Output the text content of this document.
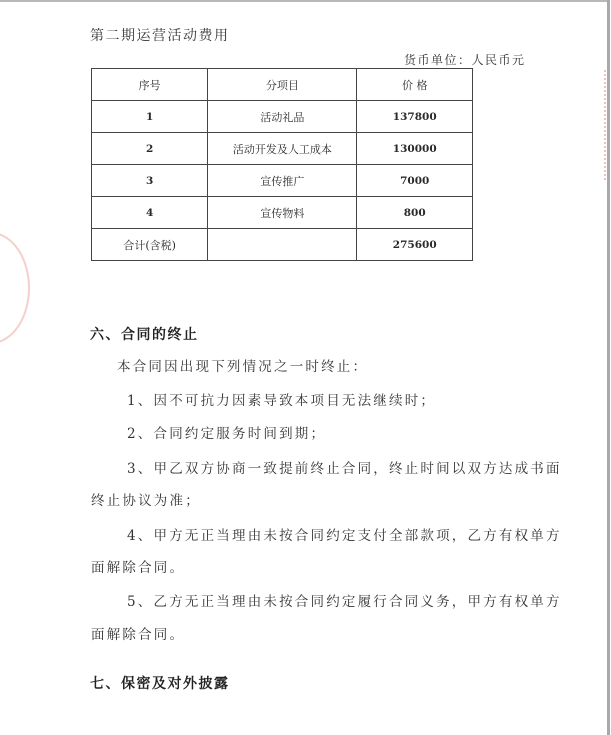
第二期运营活动费用
货币单位：人民币元
序号	分项目	价 格
1	活动礼品	137800
2	活动开发及人工成本	130000
3	宣传推广	7000
4	宣传物料	800
合计(含税)		275600
六、合同的终止
本合同因出现下列情况之一时终止：
1、因不可抗力因素导致本项目无法继续时；
2、合同约定服务时间到期；
3、甲乙双方协商一致提前终止合同，终止时间以双方达成书面
终止协议为准；
4、甲方无正当理由未按合同约定支付全部款项，乙方有权单方
面解除合同。
5、乙方无正当理由未按合同约定履行合同义务，甲方有权单方
面解除合同。
七、保密及对外披露
